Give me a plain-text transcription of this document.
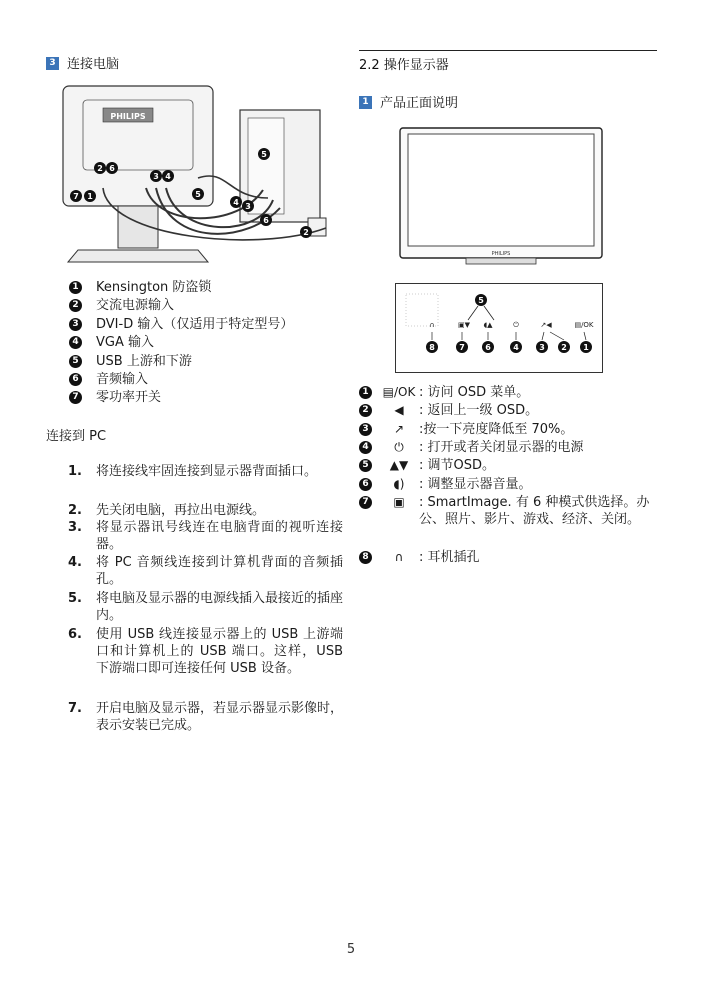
3 连接电脑
PHILIPS
7 1
2 6
3 4
5
5
4 3
6
2
1 Kensington 防盗锁
2 交流电源输入
3 DVI-D 输入（仅适用于特定型号）
4 VGA 输入
5 USB 上游和下游
6 音频输入
7 零功率开关
连接到 PC
1. 将连接线牢固连接到显示器背面插口。
2. 先关闭电脑，再拉出电源线。
3. 将显示器讯号线连在电脑背面的视听连接器。
4. 将 PC 音频线连接到计算机背面的音频插孔。
5. 将电脑及显示器的电源线插入最接近的插座内。
6. 使用 USB 线连接显示器上的 USB 上游端口和计算机上的 USB 端口。这样，USB 下游端口即可连接任何 USB 设备。
7. 开启电脑及显示器，若显示器显示影像时，表示安装已完成。
2.2 操作显示器
1 产品正面说明
PHILIPS
5
∩	▣▼ ◖▲	⏻	↗◀	▤/OK
8	7	6	4	3 2 1
1 ▤/OK : 访问 OSD 菜单。
2	◀	: 返回上一级 OSD。
3	↗	:按一下亮度降低至 70%。
4	⏻	: 打开或者关闭显示器的电源
5	▲▼ : 调节OSD。
6	◖)	: 调整显示器音量。
7	▣	: SmartImage. 有 6 种模式供选择。办公、照片、影片、游戏、经济、关闭。
8	∩	: 耳机插孔
5
